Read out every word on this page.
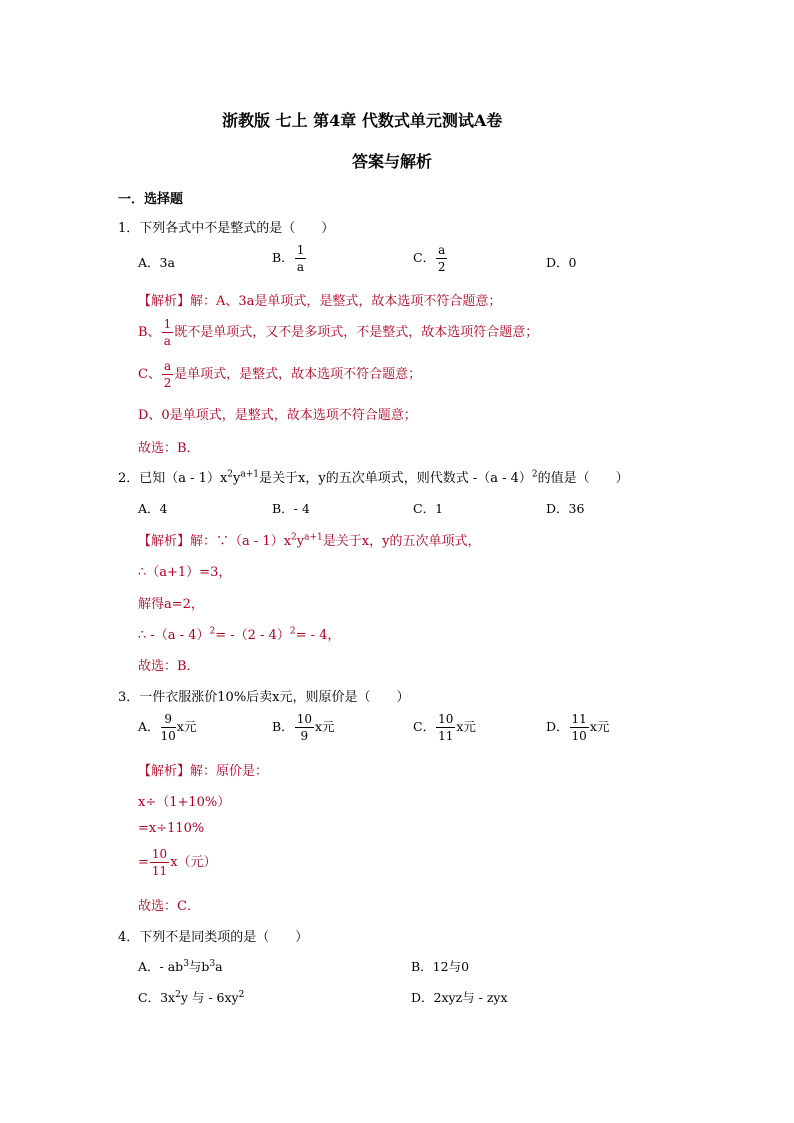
浙教版 七上 第4章 代数式单元测试A卷
答案与解析
一．选择题
1．下列各式中不是整式的是（　　）
A．3a	B． $\frac{1}{a}$	C． $\frac{a}{2}$	D．0
【解析】解：A、3a是单项式，是整式，故本选项不符合题意；
B、 $\frac{1}{a}$ 既不是单项式，又不是多项式，不是整式，故本选项符合题意；
C、 $\frac{a}{2}$ 是单项式，是整式，故本选项不符合题意；
D、0是单项式，是整式，故本选项不符合题意；
故选：B．
2．已知$(a - 1)x^2y^{a+1}$是关于x，y的五次单项式，则代数式 -（a - 4）$^2$的值是（　　）
A．4	B．- 4	C．1	D．36
【解析】解：∵（a - $1)x^2y^{a+1}$是关于x，y的五次单项式，
∴（a+1）=3，
解得a=2，
∴ -（a - 4）$^2$= -（2 - 4）$^2$= - 4，
故选：B．
3．一件衣服涨价10%后卖x元，则原价是（　　）
A． $\frac{9}{10}$ x元	B． $\frac{10}{9}$ x元	C． $\frac{10}{11}$ x元	D． $\frac{11}{10}$ x元
【解析】解：原价是：
x÷（1+10%）
=x÷110%
= $\frac{10}{11} x$（元）
故选：C．
4．下列不是同类项的是（　　）
A．- $ab^3$与$b^3a$	B．12与0
C．$3x^2y$ 与 - $6xy^2$	D．2xyz与 - zyx
